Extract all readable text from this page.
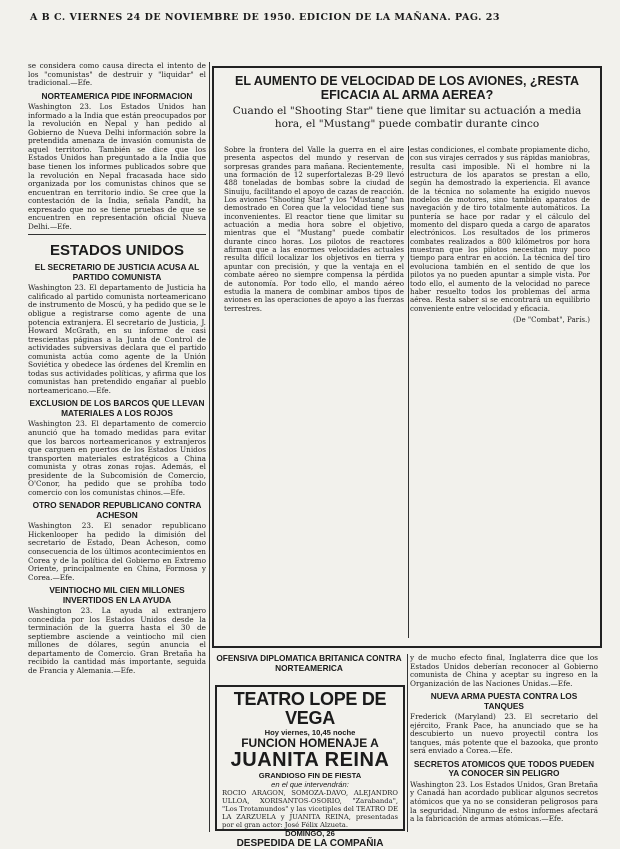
A B C. VIERNES 24 DE NOVIEMBRE DE 1950. EDICION DE LA MAÑANA. PAG. 23

se considera como causa directa el intento de los "comunistas" de destruir y "liquidar" el tradicional.—Efe.

NORTEAMERICA PIDE INFORMACION

Washington 23. Los Estados Unidos han informado a la India que están preocupados por la revolución en Nepal y han pedido al Gobierno de Nueva Delhi información sobre la pretendida amenaza de invasión comunista de aquel territorio. También se dice que los Estados Unidos han preguntado a la India que base tienen los informes publicados sobre que la revolución en Nepal fracasada hace sido organizada por los comunistas chinos que se encuentran en territorio indio. Se cree que la contestación de la India, señala Pandit, ha expresado que no se tiene pruebas de que se encuentren en representación oficial Nueva Delhi.—Efe.

ESTADOS UNIDOS
EL SECRETARIO DE JUSTICIA ACUSA AL PARTIDO COMUNISTA

Washington 23. El departamento de Justicia ha calificado al partido comunista norteamericano de instrumento de Moscú, y ha pedido que se le obligue a registrarse como agente de una potencia extranjera. El secretario de Justicia, J. Howard McGrath, en su informe de casi trescientas páginas a la Junta de Control de actividades subversivas declara que el partido comunista actúa como agente de la Unión Soviética y obedece las órdenes del Kremlin en todas sus actividades políticas, y afirma que los comunistas han pretendido engañar al pueblo norteamericano.—Efe.

EXCLUSION DE LOS BARCOS QUE LLEVAN MATERIALES A LOS ROJOS

Washington 23. El departamento de comercio anunció que ha tomado medidas para evitar que los barcos norteamericanos y extranjeros que carguen en puertos de los Estados Unidos transporten materiales estratégicos a China comunista y otras zonas rojas. Además, el presidente de la Subcomisión de Comercio, O'Conor, ha pedido que se prohíba todo comercio con los comunistas chinos.—Efe.

OTRO SENADOR REPUBLICANO CONTRA ACHESON

Washington 23. El senador republicano Hickenlooper ha pedido la dimisión del secretario de Estado, Dean Acheson, como consecuencia de los últimos acontecimientos en Corea y de la política del Gobierno en Extremo Oriente, principalmente en China, Formosa y Corea.—Efe.

VEINTIOCHO MIL CIEN MILLONES INVERTIDOS EN LA AYUDA

Washington 23. La ayuda al extranjero concedida por los Estados Unidos desde la terminación de la guerra hasta el 30 de septiembre asciende a veintiocho mil cien millones de dólares, según anuncia el departamento de Comercio. Gran Bretaña ha recibido la cantidad más importante, seguida de Francia y Alemania.—Efe.

EL AUMENTO DE VELOCIDAD DE LOS AVIONES, ¿RESTA EFICACIA AL ARMA AEREA?
Cuando el "Shooting Star" tiene que limitar su actuación a media hora, el "Mustang" puede combatir durante cinco

Sobre la frontera del Valle la guerra en el aire presenta aspectos del mundo y reservan de sorpresas grandes para mañana. Recientemente, una formación de 12 superfortalezas B-29 llevó 488 toneladas de bombas sobre la ciudad de Sinuiju, facilitando el apoyo de cazas de reacción. Los aviones "Shooting Star" y los "Mustang" han demostrado en Corea que la velocidad tiene sus inconvenientes. El reactor tiene que limitar su actuación a media hora sobre el objetivo, mientras que el "Mustang" puede combatir durante cinco horas. Los pilotos de reactores afirman que a las enormes velocidades actuales resulta difícil localizar los objetivos en tierra y apuntar con precisión, y que la ventaja en el combate aéreo no siempre compensa la pérdida de autonomía. Por todo ello, el mando aéreo estudia la manera de combinar ambos tipos de aviones en las operaciones de apoyo a las fuerzas terrestres.

estas condiciones, el combate propiamente dicho, con sus virajes cerrados y sus rápidas maniobras, resulta casi imposible. Ni el hombre ni la estructura de los aparatos se prestan a ello, según ha demostrado la experiencia. El avance de la técnica no solamente ha exigido nuevos modelos de motores, sino también aparatos de navegación y de tiro totalmente automáticos. La puntería se hace por radar y el cálculo del momento del disparo queda a cargo de aparatos electrónicos. Los resultados de los primeros combates realizados a 800 kilómetros por hora muestran que los pilotos necesitan muy poco tiempo para entrar en acción. La técnica del tiro evoluciona también en el sentido de que los pilotos ya no pueden apuntar a simple vista. Por todo ello, el aumento de la velocidad no parece haber resuelto todos los problemas del arma aérea. Resta saber si se encontrará un equilibrio conveniente entre velocidad y eficacia.

(De "Combat", París.)

OFENSIVA DIPLOMATICA BRITANICA CONTRA NORTEAMERICA
TEATRO LOPE DE VEGA
Hoy viernes, 10,45 noche
FUNCION HOMENAJE A
JUANITA REINA
GRANDIOSO FIN DE FIESTA
en el que intervendrán:
ROCIO ARAGON, SOMOZA-DAVO, ALEJANDRO ULLOA, XORISANTOS-OSORIO, "Zarabanda", "Los Trotamundos" y las vicetiples del TEATRO DE LA ZARZUELA y JUANITA REINA, presentadas por el gran actor: José Félix Alzueta.
DOMINGO, 26
DESPEDIDA DE LA COMPAÑIA

y de mucho efecto final, Inglaterra dice que los Estados Unidos deberían reconocer al Gobierno comunista de China y aceptar su ingreso en la Organización de las Naciones Unidas.—Efe.

NUEVA ARMA PUESTA CONTRA LOS TANQUES

Frederick (Maryland) 23. El secretario del ejército, Frank Pace, ha anunciado que se ha descubierto un nuevo proyectil contra los tanques, más potente que el bazooka, que pronto será enviado a Corea.—Efe.

SECRETOS ATOMICOS QUE TODOS PUEDEN YA CONOCER SIN PELIGRO

Washington 23. Los Estados Unidos, Gran Bretaña y Canadá han acordado publicar algunos secretos atómicos que ya no se consideran peligrosos para la seguridad. Ninguno de estos informes afectará a la fabricación de armas atómicas.—Efe.
